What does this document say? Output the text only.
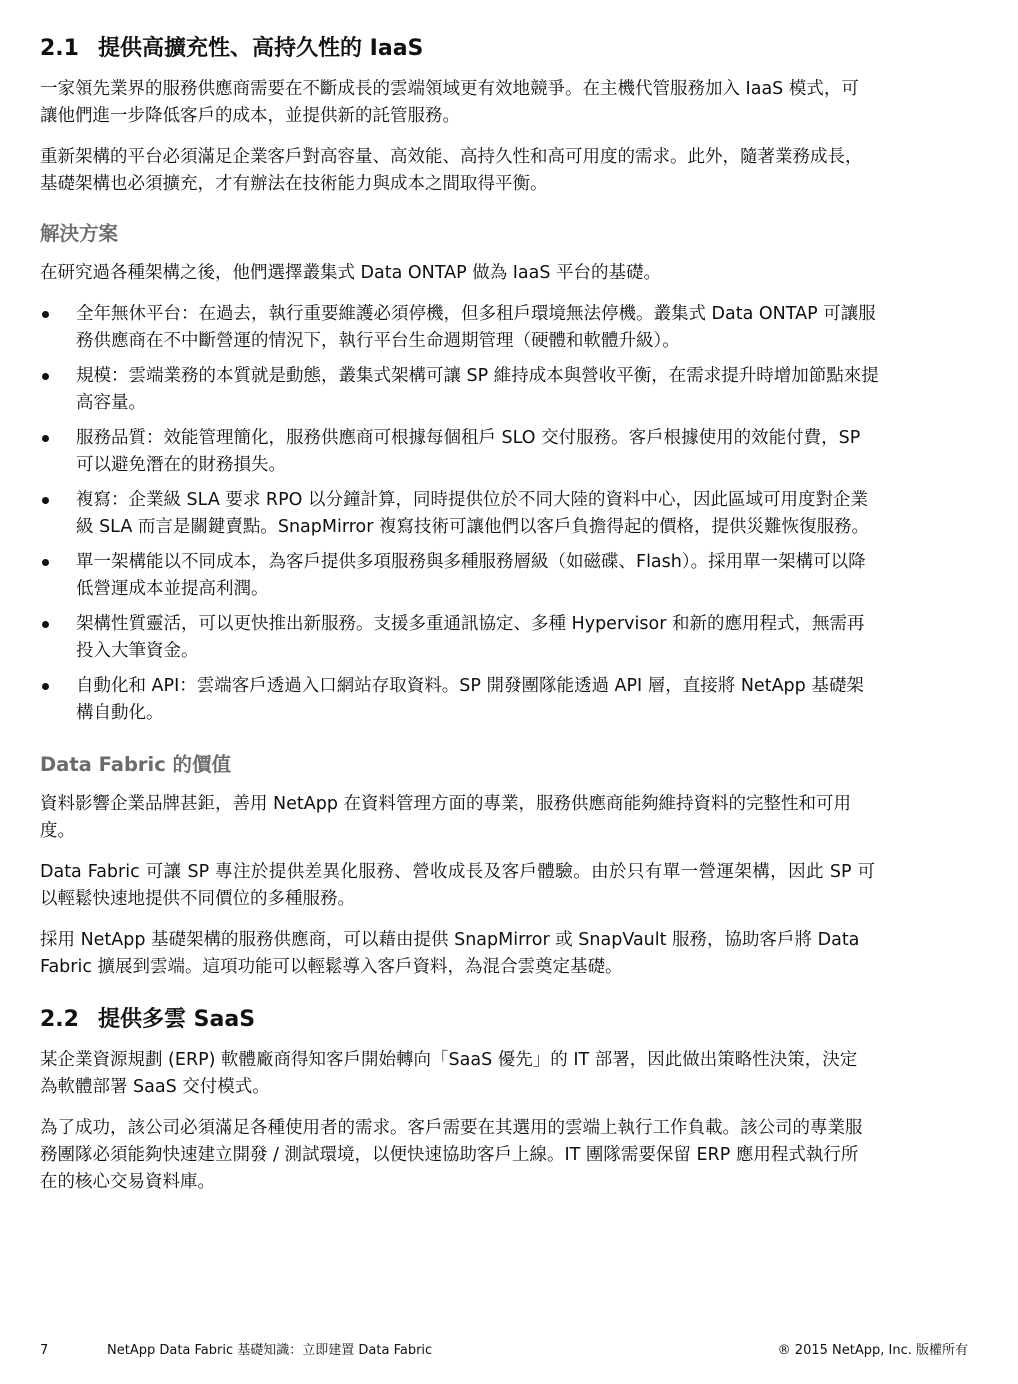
2.1 提供高擴充性、高持久性的 IaaS

一家領先業界的服務供應商需要在不斷成長的雲端領域更有效地競爭。在主機代管服務加入 IaaS 模式，可讓他們進一步降低客戶的成本，並提供新的託管服務。

重新架構的平台必須滿足企業客戶對高容量、高效能、高持久性和高可用度的需求。此外，隨著業務成長，基礎架構也必須擴充，才有辦法在技術能力與成本之間取得平衡。

解決方案

在研究過各種架構之後，他們選擇叢集式 Data ONTAP 做為 IaaS 平台的基礎。

全年無休平台：在過去，執行重要維護必須停機，但多租戶環境無法停機。叢集式 Data ONTAP 可讓服務供應商在不中斷營運的情況下，執行平台生命週期管理（硬體和軟體升級）。
規模：雲端業務的本質就是動態，叢集式架構可讓 SP 維持成本與營收平衡，在需求提升時增加節點來提高容量。
服務品質：效能管理簡化，服務供應商可根據每個租戶 SLO 交付服務。客戶根據使用的效能付費，SP 可以避免潛在的財務損失。
複寫：企業級 SLA 要求 RPO 以分鐘計算，同時提供位於不同大陸的資料中心，因此區域可用度對企業級 SLA 而言是關鍵賣點。SnapMirror 複寫技術可讓他們以客戶負擔得起的價格，提供災難恢復服務。
單一架構能以不同成本，為客戶提供多項服務與多種服務層級（如磁碟、Flash）。採用單一架構可以降低營運成本並提高利潤。
架構性質靈活，可以更快推出新服務。支援多重通訊協定、多種 Hypervisor 和新的應用程式，無需再投入大筆資金。
自動化和 API：雲端客戶透過入口網站存取資料。SP 開發團隊能透過 API 層，直接將 NetApp 基礎架構自動化。
Data Fabric 的價值

資料影響企業品牌甚鉅，善用 NetApp 在資料管理方面的專業，服務供應商能夠維持資料的完整性和可用度。

Data Fabric 可讓 SP 專注於提供差異化服務、營收成長及客戶體驗。由於只有單一營運架構，因此 SP 可以輕鬆快速地提供不同價位的多種服務。

採用 NetApp 基礎架構的服務供應商，可以藉由提供 SnapMirror 或 SnapVault 服務，協助客戶將 Data Fabric 擴展到雲端。這項功能可以輕鬆導入客戶資料，為混合雲奠定基礎。

2.2 提供多雲 SaaS

某企業資源規劃 (ERP) 軟體廠商得知客戶開始轉向「SaaS 優先」的 IT 部署，因此做出策略性決策，決定為軟體部署 SaaS 交付模式。

為了成功，該公司必須滿足各種使用者的需求。客戶需要在其選用的雲端上執行工作負載。該公司的專業服務團隊必須能夠快速建立開發 / 測試環境，以便快速協助客戶上線。IT 團隊需要保留 ERP 應用程式執行所在的核心交易資料庫。

7	NetApp Data Fabric 基礎知識：立即建置 Data Fabric	® 2015 NetApp, Inc. 版權所有
